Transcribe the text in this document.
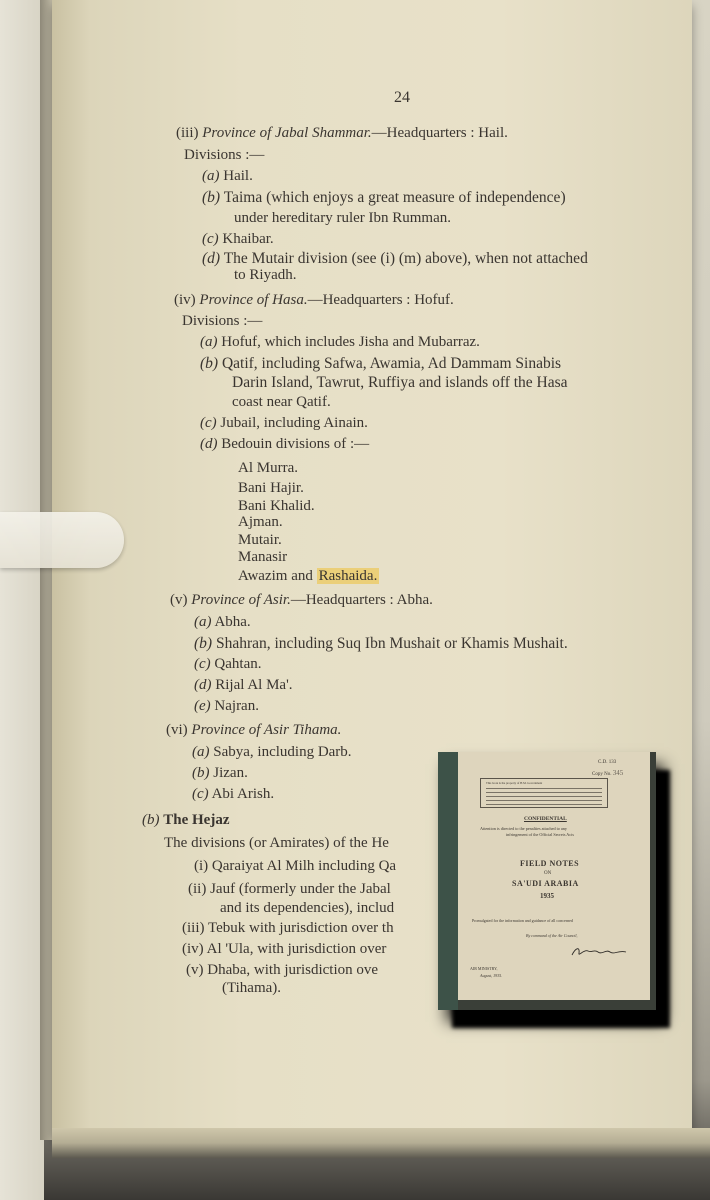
24
(iii) Province of Jabal Shammar.—Headquarters : Hail.
Divisions :—
(a) Hail.
(b) Taima (which enjoys a great measure of independence)
under hereditary ruler Ibn Rumman.
(c) Khaibar.
(d) The Mutair division (see (i) (m) above), when not attached
to Riyadh.
(iv) Province of Hasa.—Headquarters : Hofuf.
Divisions :—
(a) Hofuf, which includes Jisha and Mubarraz.
(b) Qatif, including Safwa, Awamia, Ad Dammam Sinabis
Darin Island, Tawrut, Ruffiya and islands off the Hasa
coast near Qatif.
(c) Jubail, including Ainain.
(d) Bedouin divisions of :—
Al Murra.
Bani Hajir.
Bani Khalid.
Ajman.
Mutair.
Manasir
Awazim and Rashaida.
(v) Province of Asir.—Headquarters : Abha.
(a) Abha.
(b) Shahran, including Suq Ibn Mushait or Khamis Mushait.
(c) Qahtan.
(d) Rijal Al Ma'.
(e) Najran.
(vi) Province of Asir Tihama.
(a) Sabya, including Darb.
(b) Jizan.
(c) Abi Arish.
(b) The Hejaz
The divisions (or Amirates) of the He
(i) Qaraiyat Al Milh including Qa
(ii) Jauf (formerly under the Jabal
and its dependencies), includ
(iii) Tebuk with jurisdiction over th
(iv) Al 'Ula, with jurisdiction over
(v) Dhaba, with jurisdiction ove
(Tihama).
C.D. 133
Copy No. 345
This book is the property of H.M. Government
CONFIDENTIAL
Attention is directed to the penalties attached to any
infringement of the Official Secrets Acts
FIELD NOTES
ON
SA'UDI ARABIA
1935
Promulgated for the information and guidance of all concerned
By command of the Air Council,
AIR MINISTRY,
August, 1935.
